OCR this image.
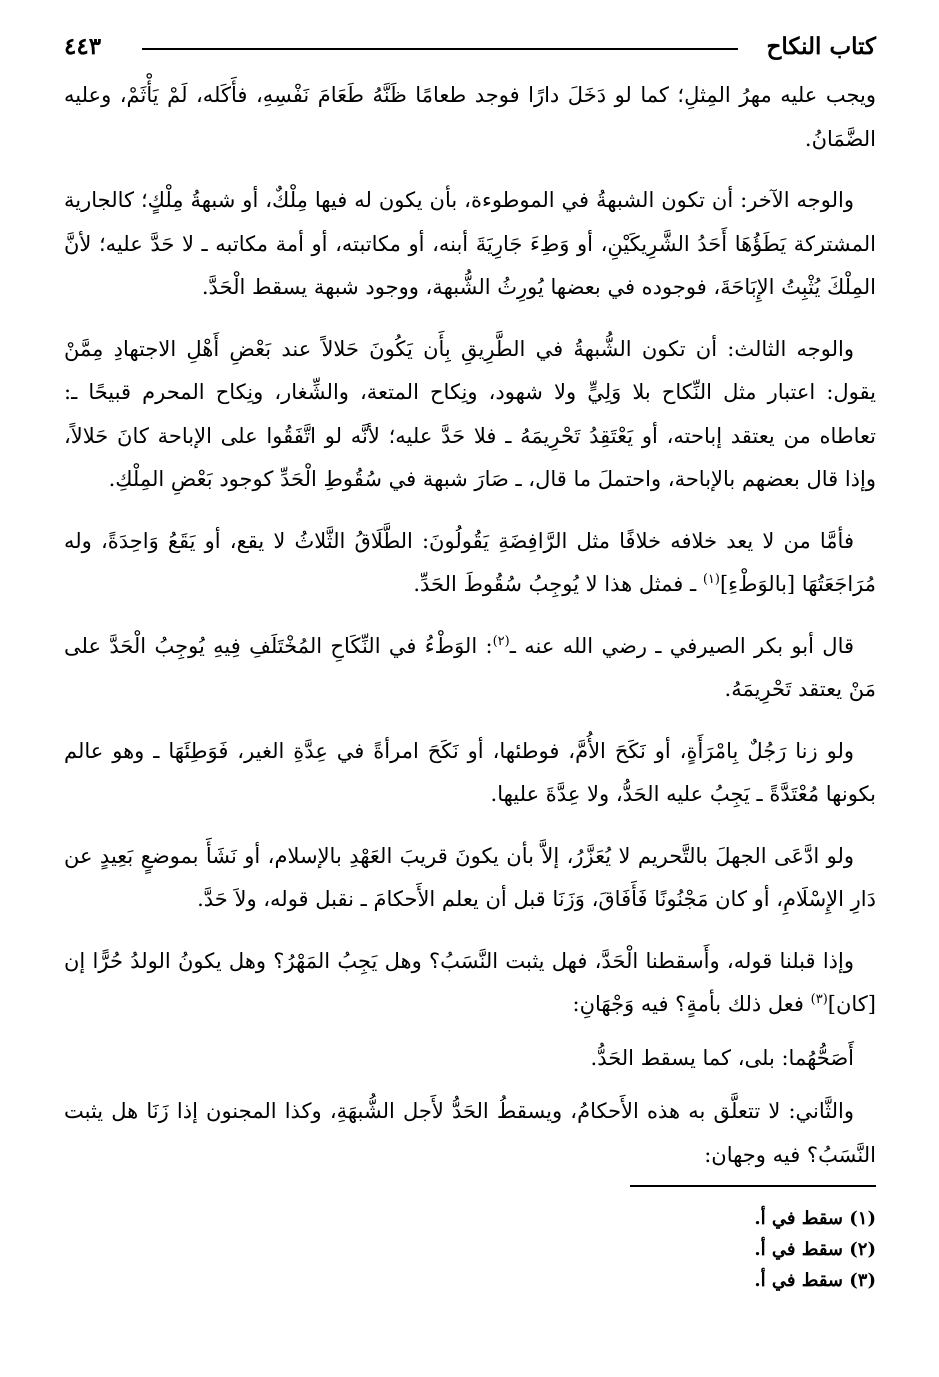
كتاب النكاح
٤٤٣

ويجب عليه مهرُ المِثلِ؛ كما لو دَخَلَ دارًا فوجد طعامًا ظَنَّهُ طَعَامَ نَفْسِهِ، فأَكَله، لَمْ يَأْثَمْ، وعليه الضَّمَانُ.

والوجه الآخر: أن تكون الشبهةُ في الموطوءة، بأن يكون له فيها مِلْكٌ، أو شبهةُ مِلْكٍ؛ كالجارية المشتركة يَطَؤُهَا أَحَدُ الشَّرِيكَيْنِ، أو وَطِءَ جَارِيَةَ أبنه، أو مكاتبته، أو أمة مكاتبه ـ لا حَدَّ عليه؛ لأنَّ المِلْكَ يُثْبِتُ الإِبَاحَةَ، فوجوده في بعضها يُورِثُ الشُّبهة، ووجود شبهة يسقط الْحَدَّ.

والوجه الثالث: أن تكون الشُّبهةُ في الطَّرِيقِ بِأَن يَكُونَ حَلالاً عند بَعْضِ أَهْلِ الاجتهادِ مِمَّنْ يقول: اعتبار مثل النِّكاح بلا وَلِيٍّ ولا شهود، ونِكاح المتعة، والشِّغار، ونِكاح المحرم قبيحًا ـ: تعاطاه من يعتقد إباحته، أو يَعْتَقِدُ تَحْرِيمَهُ ـ فلا حَدَّ عليه؛ لأنَّه لو اتَّفَقُوا على الإباحة كانَ حَلالاً، وإذا قال بعضهم بالإباحة، واحتملَ ما قال، ـ صَارَ شبهة في سُقُوطِ الْحَدِّ كوجود بَعْضِ المِلْكِ.

فأمَّا من لا يعد خلافه خلافًا مثل الرَّافِضَةِ يَقُولُونَ: الطَّلَاقُ الثَّلاثُ لا يقع، أو يَقَعُ وَاحِدَةً، وله مُرَاجَعَتُهَا [بالوَطْءِ]$^{(١)}$ ـ فمثل هذا لا يُوجِبُ سُقُوطَ الحَدِّ.

قال أبو بكر الصيرفي ـ رضي الله عنه ـ$^{(٢)}$: الوَطْءُ في النِّكَاحِ المُخْتَلَفِ فِيهِ يُوجِبُ الْحَدَّ على مَنْ يعتقد تَحْرِيمَهُ.

ولو زنا رَجُلٌ بِامْرَأَةٍ، أو نَكَحَ الأُمَّ، فوطئها، أو نَكَحَ امرأةً في عِدَّةِ الغير، فَوَطِئَهَا ـ وهو عالم بكونها مُعْتَدَّةً ـ يَجِبُ عليه الحَدُّ، ولا عِدَّةَ عليها.

ولو ادَّعَى الجهلَ بالتَّحريم لا يُعَزَّرُ، إلاَّ بأن يكونَ قريبَ العَهْدِ بالإسلام، أو نَشَأَ بموضعٍ بَعِيدٍ عن دَارِ الإِسْلَامِ، أو كان مَجْنُونًا فَأَفَاقَ، وَزَنَا قبل أن يعلم الأَحكامَ ـ نقبل قوله، ولاَ حَدَّ.

وإذا قبلنا قوله، وأَسقطنا الْحَدَّ، فهل يثبت النَّسَبُ؟ وهل يَجِبُ المَهْرُ؟ وهل يكونُ الولدُ حُرًّا إن [كان]$^{(٣)}$ فعل ذلك بأمةٍ؟ فيه وَجْهَانِ:

أَصَحُّهُما: بلى، كما يسقط الحَدُّ.

والثَّاني: لا تتعلَّق به هذه الأَحكامُ، ويسقطُ الحَدُّ لأَجل الشُّبهَةِ، وكذا المجنون إذا زَنَا هل يثبت النَّسَبُ؟ فيه وجهان:

(١) سقط في أ.
(٢) سقط في أ.
(٣) سقط في أ.
